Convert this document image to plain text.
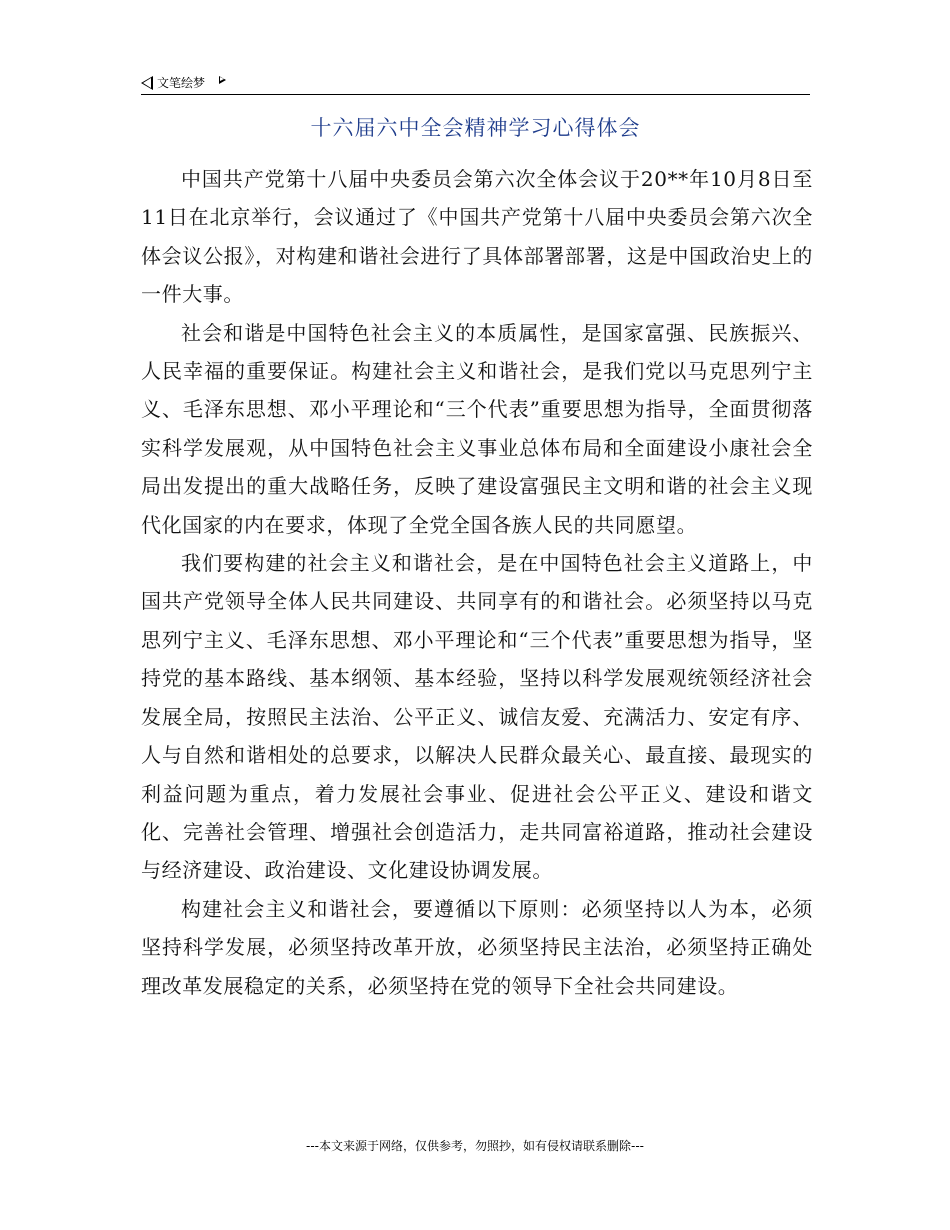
文笔绘梦
十六届六中全会精神学习心得体会

中国共产党第十八届中央委员会第六次全体会议于20**年10月8日至11日在北京举行，会议通过了《中国共产党第十八届中央委员会第六次全体会议公报》，对构建和谐社会进行了具体部署部署，这是中国政治史上的一件大事。

社会和谐是中国特色社会主义的本质属性，是国家富强、民族振兴、人民幸福的重要保证。构建社会主义和谐社会，是我们党以马克思列宁主义、毛泽东思想、邓小平理论和“三个代表”重要思想为指导，全面贯彻落实科学发展观，从中国特色社会主义事业总体布局和全面建设小康社会全局出发提出的重大战略任务，反映了建设富强民主文明和谐的社会主义现代化国家的内在要求，体现了全党全国各族人民的共同愿望。

我们要构建的社会主义和谐社会，是在中国特色社会主义道路上，中国共产党领导全体人民共同建设、共同享有的和谐社会。必须坚持以马克思列宁主义、毛泽东思想、邓小平理论和“三个代表”重要思想为指导，坚持党的基本路线、基本纲领、基本经验，坚持以科学发展观统领经济社会发展全局，按照民主法治、公平正义、诚信友爱、充满活力、安定有序、人与自然和谐相处的总要求，以解决人民群众最关心、最直接、最现实的利益问题为重点，着力发展社会事业、促进社会公平正义、建设和谐文化、完善社会管理、增强社会创造活力，走共同富裕道路，推动社会建设与经济建设、政治建设、文化建设协调发展。

构建社会主义和谐社会，要遵循以下原则：必须坚持以人为本，必须坚持科学发展，必须坚持改革开放，必须坚持民主法治，必须坚持正确处理改革发展稳定的关系，必须坚持在党的领导下全社会共同建设。

---本文来源于网络，仅供参考，勿照抄，如有侵权请联系删除---
